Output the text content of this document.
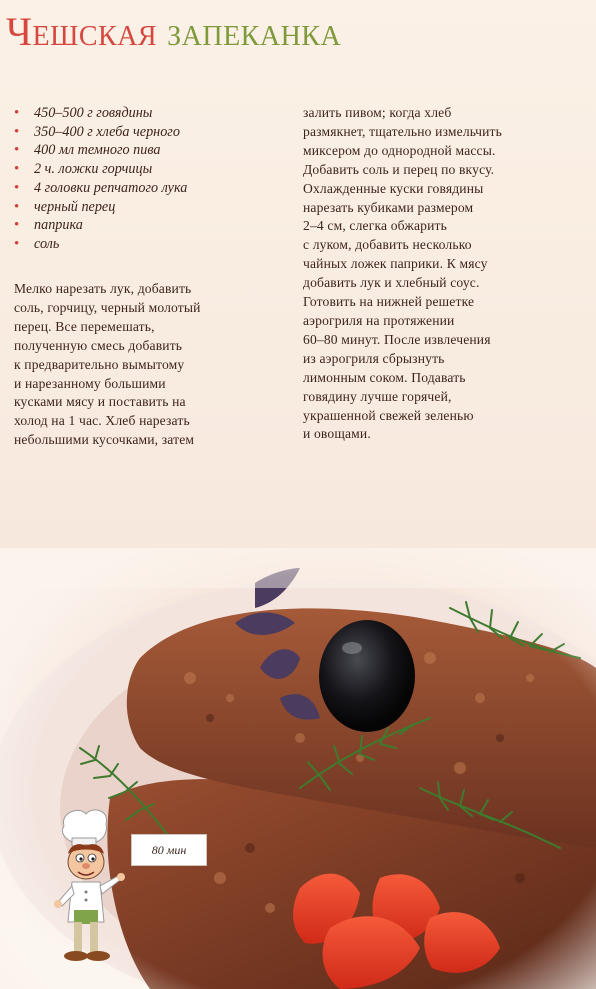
Чешская запеканка
• 450–500 г говядины
• 350–400 г хлеба черного
• 400 мл темного пива
• 2 ч. ложки горчицы
• 4 головки репчатого лука
• черный перец
• паприка
• соль

Мелко нарезать лук, добавить
соль, горчицу, черный молотый
перец. Все перемешать,
полученную смесь добавить
к предварительно вымытому
и нарезанному большими
кусками мясу и поставить на
холод на 1 час. Хлеб нарезать
небольшими кусочками, затем

залить пивом; когда хлеб
размякнет, тщательно измельчить
миксером до однородной массы.
Добавить соль и перец по вкусу.
Охлажденные куски говядины
нарезать кубиками размером
2–4 см, слегка обжарить
с луком, добавить несколько
чайных ложек паприки. К мясу
добавить лук и хлебный соус.
Готовить на нижней решетке
аэрогриля на протяжении
60–80 минут. После извлечения
из аэрогриля сбрызнуть
лимонным соком. Подавать
говядину лучше горячей,
украшенной свежей зеленью
и овощами.

80 мин
